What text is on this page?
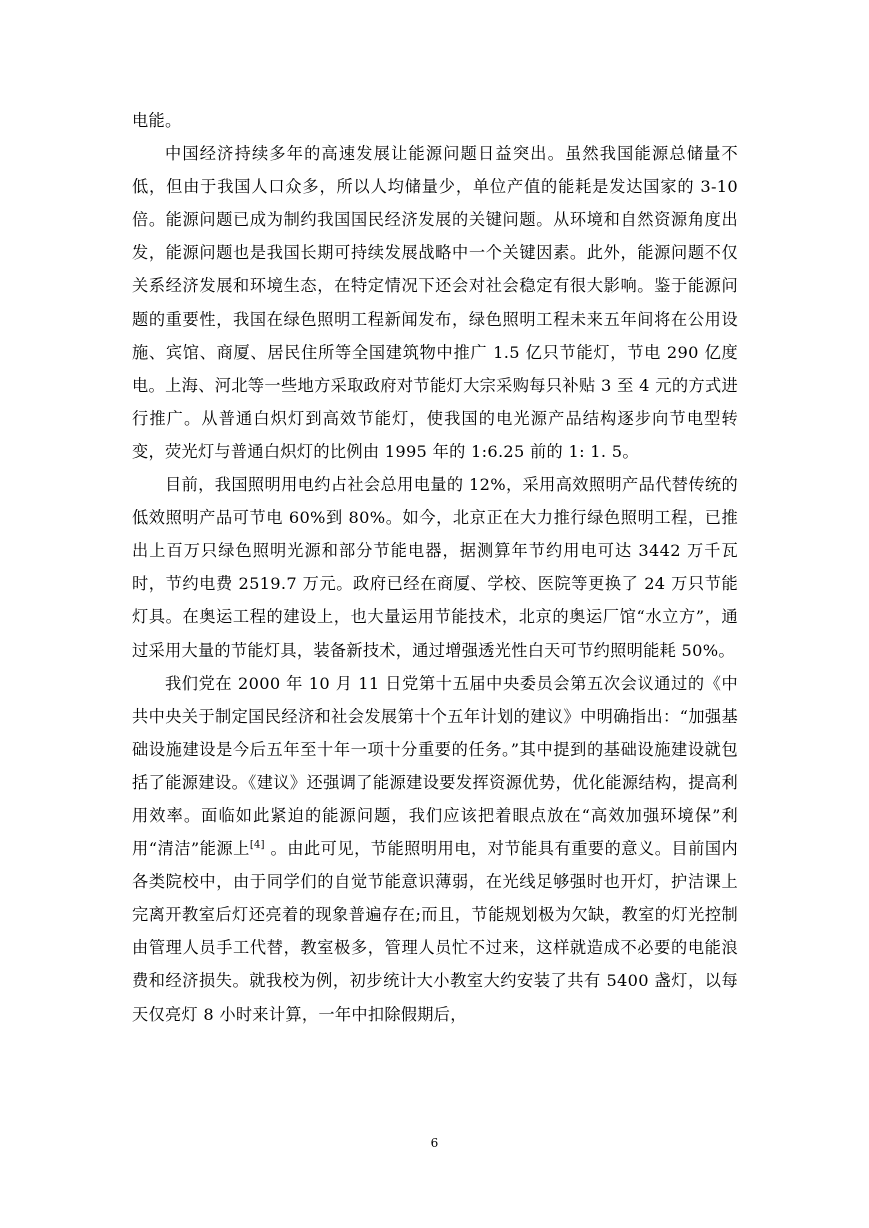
电能。

中国经济持续多年的高速发展让能源问题日益突出。虽然我国能源总储量不低，但由于我国人口众多，所以人均储量少，单位产值的能耗是发达国家的 3-10 倍。能源问题已成为制约我国国民经济发展的关键问题。从环境和自然资源角度出发，能源问题也是我国长期可持续发展战略中一个关键因素。此外，能源问题不仅关系经济发展和环境生态，在特定情况下还会对社会稳定有很大影响。鉴于能源问题的重要性，我国在绿色照明工程新闻发布，绿色照明工程未来五年间将在公用设施、宾馆、商厦、居民住所等全国建筑物中推广 1.5 亿只节能灯，节电 290 亿度电。上海、河北等一些地方采取政府对节能灯大宗采购每只补贴 3 至 4 元的方式进行推广。从普通白炽灯到高效节能灯，使我国的电光源产品结构逐步向节电型转变，荧光灯与普通白炽灯的比例由 1995 年的 1:6.25 前的 1: 1. 5。

目前，我国照明用电约占社会总用电量的 12%，采用高效照明产品代替传统的低效照明产品可节电 60%到 80%。如今，北京正在大力推行绿色照明工程，已推出上百万只绿色照明光源和部分节能电器，据测算年节约用电可达 3442 万千瓦时，节约电费 2519.7 万元。政府已经在商厦、学校、医院等更换了 24 万只节能灯具。在奥运工程的建设上，也大量运用节能技术，北京的奥运厂馆“水立方”，通过采用大量的节能灯具，装备新技术，通过增强透光性白天可节约照明能耗 50%。

我们党在 2000 年 10 月 11 日党第十五届中央委员会第五次会议通过的《中共中央关于制定国民经济和社会发展第十个五年计划的建议》中明确指出：“加强基础设施建设是今后五年至十年一项十分重要的任务。”其中提到的基础设施建设就包括了能源建设。《建议》还强调了能源建设要发挥资源优势，优化能源结构，提高利用效率。面临如此紧迫的能源问题，我们应该把着眼点放在“高效加强环境保”利用“清洁”能源上[4] 。由此可见，节能照明用电，对节能具有重要的意义。目前国内各类院校中，由于同学们的自觉节能意识薄弱，在光线足够强时也开灯，护洁课上完离开教室后灯还亮着的现象普遍存在;而且，节能规划极为欠缺，教室的灯光控制由管理人员手工代替，教室极多，管理人员忙不过来，这样就造成不必要的电能浪费和经济损失。就我校为例，初步统计大小教室大约安装了共有 5400 盏灯，以每天仅亮灯 8 小时来计算，一年中扣除假期后，

6
